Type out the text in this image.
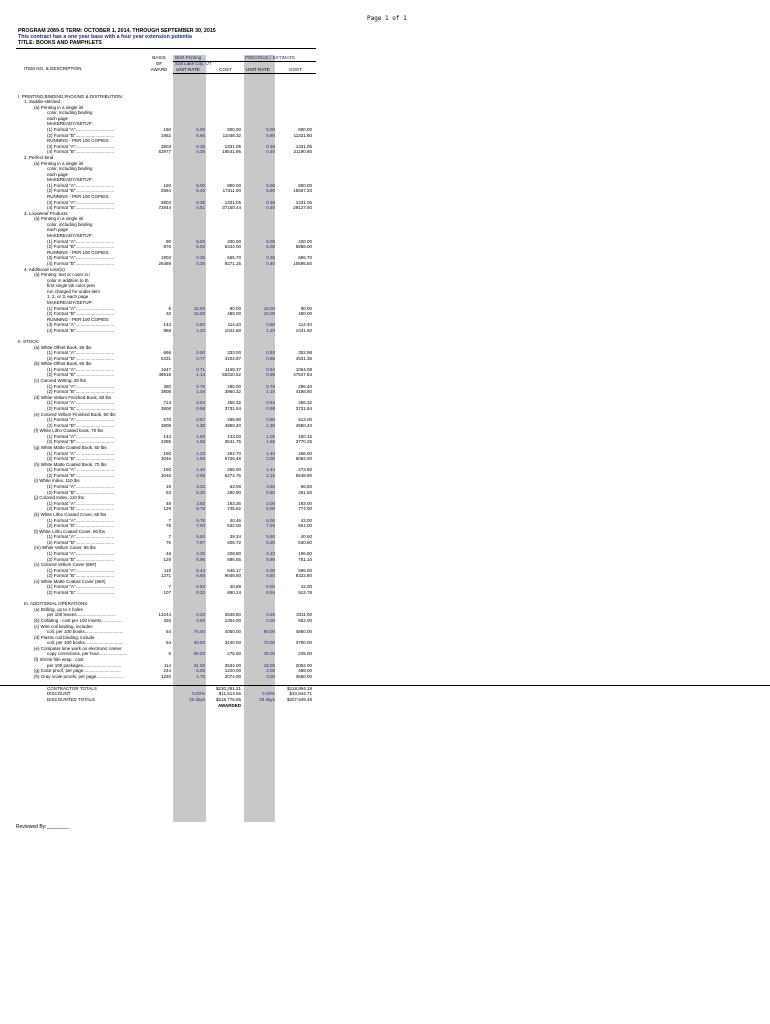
Page 1 of 1
PROGRAM 2089-S TERM: OCTOBER 1, 2014, THROUGH SEPTEMBER 30, 2015
This contract has a one year base with a four year extension potentia
TITLE: BOOKS AND PAMPHLETS
ITEM NO. & DESCRIPTION
BASIS
OF
AWARD
BKR Printing
Salt Lake City, UT
UNIT RATE	COST
PREVIOUS / ESTIMATE
UNIT RATE	COST
I. PRINTING,BINDING,PACKING & DISTRIBUTION:
1. Saddle-stitched
(a) Printing in a single inl
color, including binding
each page
MAKEREADY/SETUP:
(1) Format "A"...............................	160	5.00	800.00	5.00	800.00
(2) Format "B"...............................	1952	5.66	11048.32	5.80	11321.60
RUNNING - PER 100 COPIES:
(3) Format "A"...............................	3803	0.35	1331.05	0.35	1331.05
(4) Format "B"...............................	52977	0.35	18541.95	0.40	21190.80
2. Perfect-bind
(a) Printing in a single inl
color, including binding
each page
MAKEREADY/SETUP:
(1) Format "A"...............................	160	5.00	800.00	5.00	800.00
(2) Format "B"...............................	2684	6.45	17311.80	5.80	15567.20
RUNNING - PER 100 COPIES:
(3) Format "A"...............................	3803	0.35	1331.05	0.35	1331.05
(4) Format "B"...............................	72844	0.51	37150.44	0.40	29137.60
3. Looseleaf Products
(a) Printing in a single inl
color, including binding
each page
MAKEREADY/SETUP:
(1) Format "A"...............................	80	5.00	400.00	5.00	400.00
(2) Format "B"...............................	976	6.50	6344.00	6.00	5856.00
RUNNING - PER 100 COPIES:
(3) Format "A"...............................	1902	0.35	665.70	0.35	665.70
(4) Format "B"...............................	26489	0.35	9271.15	0.40	10595.60
4. Additional color(s)
(a) Printing: text or cover in i
color in addition to th
first single ink color prev
run charged for under item
1, 2, or 3; each page
MAKEREADY/SETUP:
(1) Format "A"...............................	6	15.00	90.00	15.00	90.00
(2) Format "B"...............................	32	15.00	480.00	15.00	480.00
RUNNING - PER 100 COPIES:
(3) Format "A"...............................	143	0.80	114.40	0.80	114.40
(4) Format "B"...............................	868	1.20	1041.60	1.20	1041.60
II. STOCK:
(a) White Offset Book, 50 lbs
(1) Format "A"...............................	666	0.50	333.00	0.53	352.98
(2) Format "B"...............................	5331	0.77	4104.87	0.85	4531.35
(b) White Offset Book, 60 lbs
(1) Format "A"...............................	1647	0.71	1169.37	0.64	1054.08
(2) Format "B"...............................	48518	1.14	55310.52	0.98	47547.64
(c) Colored Writing, 20 lbs
(1) Format "A"...............................	380	0.75	285.00	0.78	296.40
(2) Format "B"...............................	3808	1.04	3960.32	1.10	4188.80
(d) White Vellum Finished Book, 60 lbs
(1) Format "A"...............................	713	0.64	456.32	0.64	456.32
(2) Format "B"...............................	3808	0.98	3731.84	0.98	3731.84
(e) Colored Vellum Finished Book, 60 lbs
(1) Format "A"...............................	570	0.87	495.90	0.90	513.00
(2) Format "B"...............................	3808	1.30	4950.40	1.30	4950.40
(f) White Litho Coated book, 70 lbs
(1) Format "A"...............................	143	1.00	143.00	1.05	150.15
(2) Format "B"...............................	2285	1.55	3541.75	1.65	3770.25
(g) White Matte Coated Book, 60 lbs
(1) Format "A"...............................	190	1.33	252.70	1.40	266.00
(2) Format "B"...............................	3046	1.88	5726.48	2.00	6092.00
(h) White Matte Coated Book, 70 lbs
(1) Format "A"...............................	190	1.40	266.00	1.44	273.60
(2) Format "B"...............................	3046	2.06	6274.76	2.15	6548.90
(i) White Index, 110 lbs
(1) Format "A"...............................	19	3.32	63.08	3.50	66.50
(2) Format "B"...............................	53	5.30	280.90	5.50	291.50
(j) Colored Index, 110 lbs
(1) Format "A"...............................	48	3.82	183.36	4.00	192.00
(2) Format "B"...............................	129	5.78	745.62	6.00	774.00
(k) White Litho Coated Cover, 60 lbs
(1) Format "A"...............................	7	5.78	40.46	6.00	42.00
(2) Format "B"...............................	76	7.00	532.00	7.25	551.00
(l) White Litho Coated Cover, 80 lbs
(1) Format "A"...............................	7	5.62	39.34	5.80	40.60
(2) Format "B"...............................	76	7.97	605.72	8.30	630.80
(m) White Vellum Cover, 65 lbs
(1) Format "A"...............................	48	4.35	208.80	4.10	196.80
(2) Format "B"...............................	129	6.95	896.55	5.90	761.10
(n) Colored Vellum Cover (65#)
(1) Format "A"...............................	119	5.43	646.17	5.00	595.00
(2) Format "B"...............................	1371	6.60	9048.60	6.80	9322.80
(o) White Matte Coated Cover (65#)
(1) Format "A"...............................	7	5.84	40.88	6.00	42.00
(2) Format "B"...............................	107	8.32	890.24	8.54	913.78
III. ADDITIONAL OPERATIONS:
(a) Drilling, up to 4 holes
per 100 leaves...............................	13244	0.20	2648.80	0.25	3311.00
(b) Collating - cost per 100 inserts.................	326	4.00	1304.00	2.00	652.00
(c) Wire coil binding, includes
coil, per 100 books...............................	54	75.00	4050.00	90.00	4860.00
(d) Plastic coil binding, include
coil, per 100 books...............................	54	60.00	3240.00	70.00	3780.00
(e) Computer time work on electronic camer
copy corrections, per hour.......................	5	55.00	275.00	45.00	225.00
(f) Shrink film wrap , cost
per 100 packages...............................	114	31.00	3534.00	18.00	2052.00
(g) Color proof, per page..............................	244	5.00	1220.00	2.00	488.00
(h) Gray scale proofs, per page......................	1220	1.70	2074.00	3.00	3660.00
CONTRACTOR TOTALS	$230,291.21	$218,894.19
DISCOUNT	5.00%	$11,514.56	5.00%	$10,944.71
DISCOUNTED TOTALS	20 days $218,776.65	20 days	$207,949.48
AWARDED
Reviewed By:________
